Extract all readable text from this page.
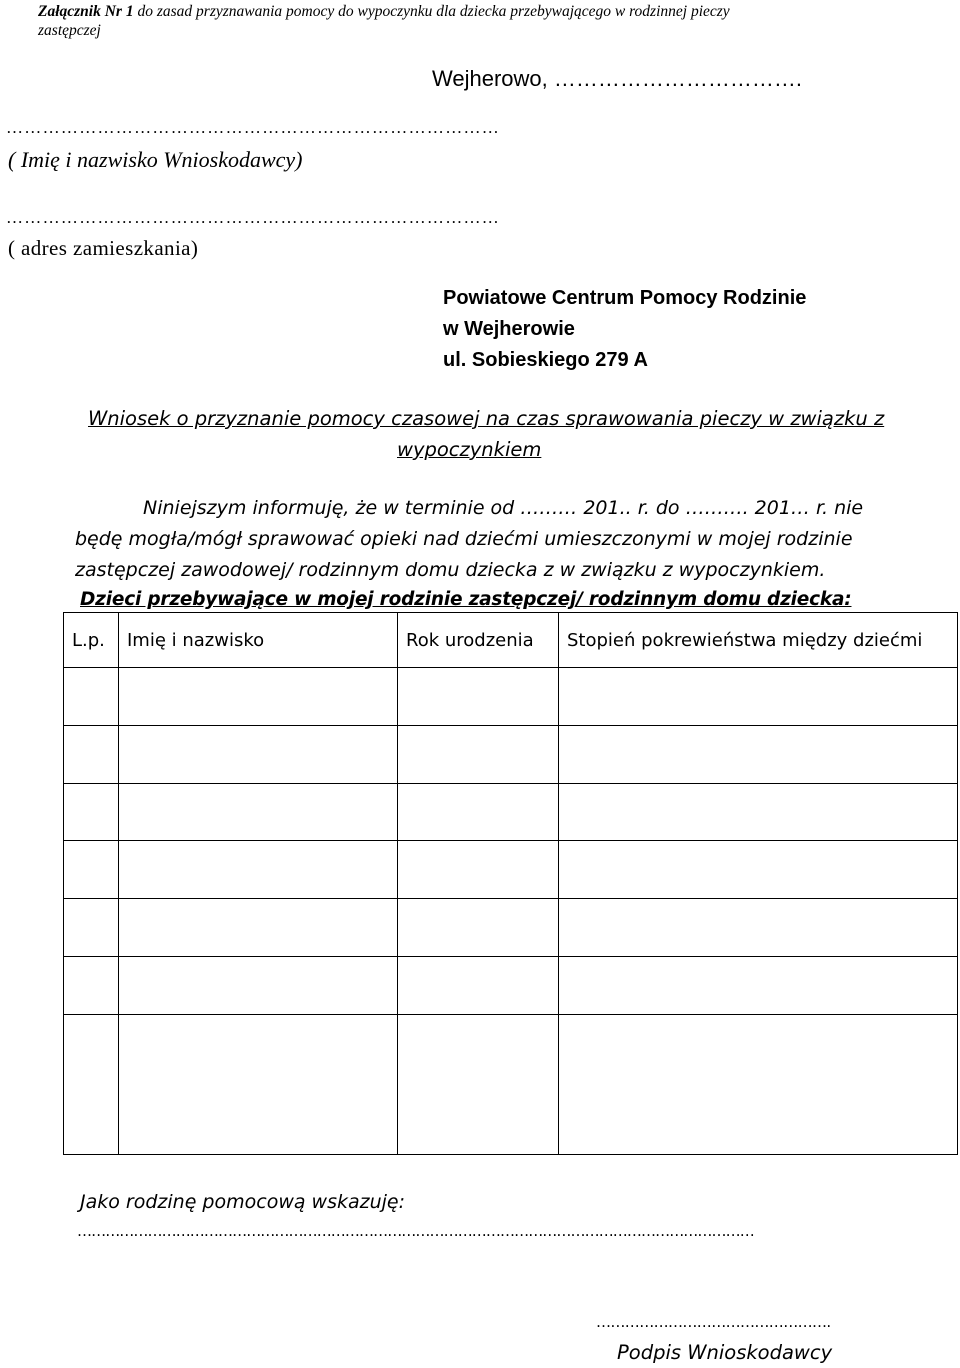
Załącznik Nr 1 do zasad przyznawania pomocy do wypoczynku dla dziecka przebywającego w rodzinnej pieczy
zastępczej
Wejherowo, …………………………….
………………………………………………………………………
( Imię i nazwisko Wnioskodawcy)
………………………………………………………………………
( adres zamieszkania)
Powiatowe Centrum Pomocy Rodzinie
w Wejherowie
ul. Sobieskiego 279 A
Wniosek o przyznanie pomocy czasowej na czas sprawowania pieczy w związku z
wypoczynkiem
Niniejszym informuję, że w terminie od ……… 201.. r. do ………. 201… r. nie
będę mogła/mógł sprawować opieki nad dziećmi umieszczonymi w mojej rodzinie
zastępczej zawodowej/ rodzinnym domu dziecka z w związku z wypoczynkiem.
Dzieci przebywające w mojej rodzinie zastępczej/ rodzinnym domu dziecka:
L.p.	Imię i nazwisko	Rok urodzenia	Stopień pokrewieństwa między dziećmi

Jako rodzinę pomocową wskazuję:
………………………………………………………………………………………………………………………………
………………………………………….
Podpis Wnioskodawcy
